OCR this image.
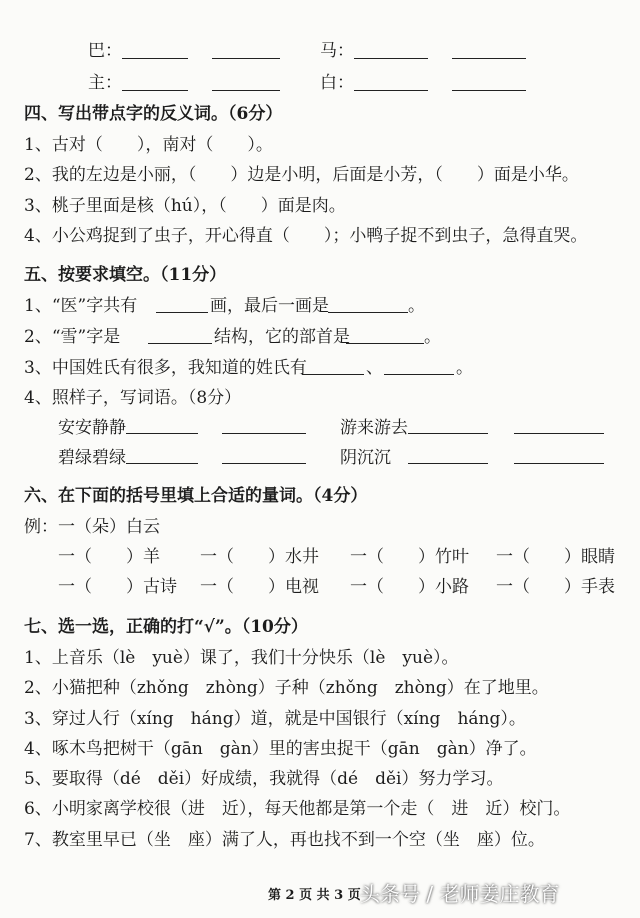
巴：	马：
主：	白：
四、写出带点字的反义词。（6分）
1、古对（　　），南对（　　）。
2、我的左边是小丽，（　　）边是小明，后面是小芳，（　　）面是小华。
3、桃子里面是核（hú），（　　）面是肉。
4、小公鸡捉到了虫子，开心得直（　　）；小鸭子捉不到虫子，急得直哭。
五、按要求填空。（11分）
1、“医”字共有	画，最后一画是	。
2、“雪”字是	结构，它的部首是	。
3、中国姓氏有很多，我知道的姓氏有	、	。
4、照样子，写词语。（8分）
安安静静	游来游去
碧绿碧绿	阴沉沉
六、在下面的括号里填上合适的量词。（4分）
例：一（朵）白云
一（　　）羊 一（　　）水井 一（　　）竹叶 一（　　）眼睛
一（　　）古诗 一（　　）电视 一（　　）小路 一（　　）手表
七、选一选，正确的打“√”。（10分）
1、上音乐（lè　yuè）课了，我们十分快乐（lè　yuè）。
2、小猫把种（zhǒng　zhòng）子种（zhǒng　zhòng）在了地里。
3、穿过人行（xíng　háng）道，就是中国银行（xíng　háng）。
4、啄木鸟把树干（gān　gàn）里的害虫捉干（gān　gàn）净了。
5、要取得（dé　děi）好成绩，我就得（dé　děi）努力学习。
6、小明家离学校很（进　近），每天他都是第一个走（　进　近）校门。
7、教室里早已（坐　座）满了人，再也找不到一个空（坐　座）位。
第 2 页 共 3 页 头条号 / 老师姜庄教育
